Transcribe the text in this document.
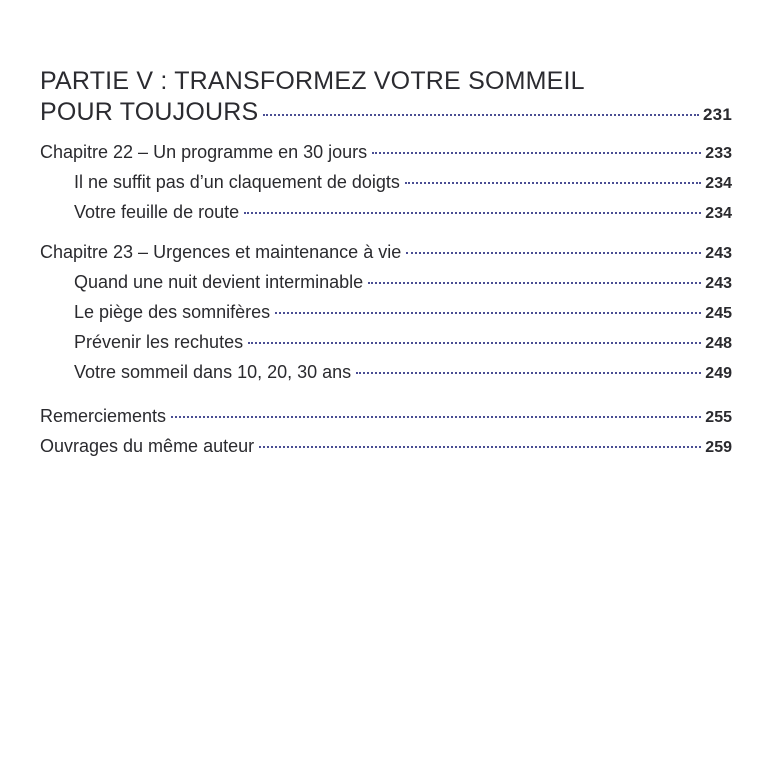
PARTIE V : TRANSFORMEZ VOTRE SOMMEIL
POUR TOUJOURS	231
Chapitre 22 – Un programme en 30 jours	233
Il ne suffit pas d’un claquement de doigts	234
Votre feuille de route	234
Chapitre 23 – Urgences et maintenance à vie	243
Quand une nuit devient interminable	243
Le piège des somnifères	245
Prévenir les rechutes	248
Votre sommeil dans 10, 20, 30 ans	249
Remerciements	255
Ouvrages du même auteur	259
